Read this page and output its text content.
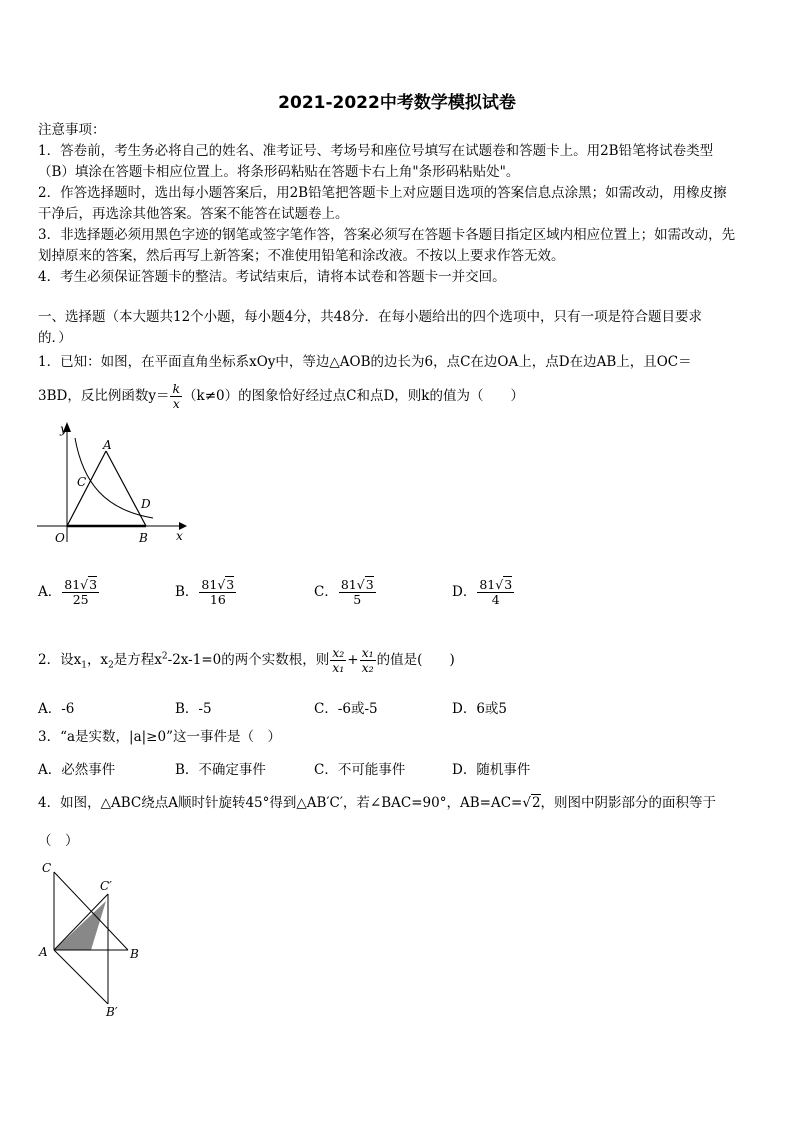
2021-2022中考数学模拟试卷
注意事项：
1．答卷前，考生务必将自己的姓名、准考证号、考场号和座位号填写在试题卷和答题卡上。用2B铅笔将试卷类型
（B）填涂在答题卡相应位置上。将条形码粘贴在答题卡右上角"条形码粘贴处"。
2．作答选择题时，选出每小题答案后，用2B铅笔把答题卡上对应题目选项的答案信息点涂黑；如需改动，用橡皮擦
干净后，再选涂其他答案。答案不能答在试题卷上。
3．非选择题必须用黑色字迹的钢笔或签字笔作答，答案必须写在答题卡各题目指定区域内相应位置上；如需改动，先
划掉原来的答案，然后再写上新答案；不准使用铅笔和涂改液。不按以上要求作答无效。
4．考生必须保证答题卡的整洁。考试结束后，请将本试卷和答题卡一并交回。
一、选择题（本大题共12个小题，每小题4分，共48分．在每小题给出的四个选项中，只有一项是符合题目要求
的．）
1．已知：如图，在平面直角坐标系xOy中，等边△AOB的边长为6，点C在边OA上，点D在边AB上，且OC＝
3BD，反比例函数$y= \frac{k}{x} (k\ne 0)$的图象恰好经过点C和点D，则k的值为（　　）
y
A
C
D
O	B x
A． $\frac{81√3}{25}$	B． $\frac{81√3}{16}$	C． $\frac{81√3}{5}$	D． $\frac{81√3}{4}$
2．设$x_1$，$x_2$是方程$x^2-2x-1=0$的两个实数根，则 $\frac{\text{x₂}}{\text{x₁}} + \frac{\text{x₁}}{\text{x₂}}$ 的值是(　　)
A．-6	B．-5	C．-6或-5	D．6或5
3．“a是实数，|a|≥0”这一事件是（　）
A．必然事件	B．不确定事件	C．不可能事件	D．随机事件
4．如图，△ABC绕点A顺时针旋转45°得到△AB′C′，若∠BAC=90°，AB=AC=√2，则图中阴影部分的面积等于
（　）
C
C′
A	B
B′
